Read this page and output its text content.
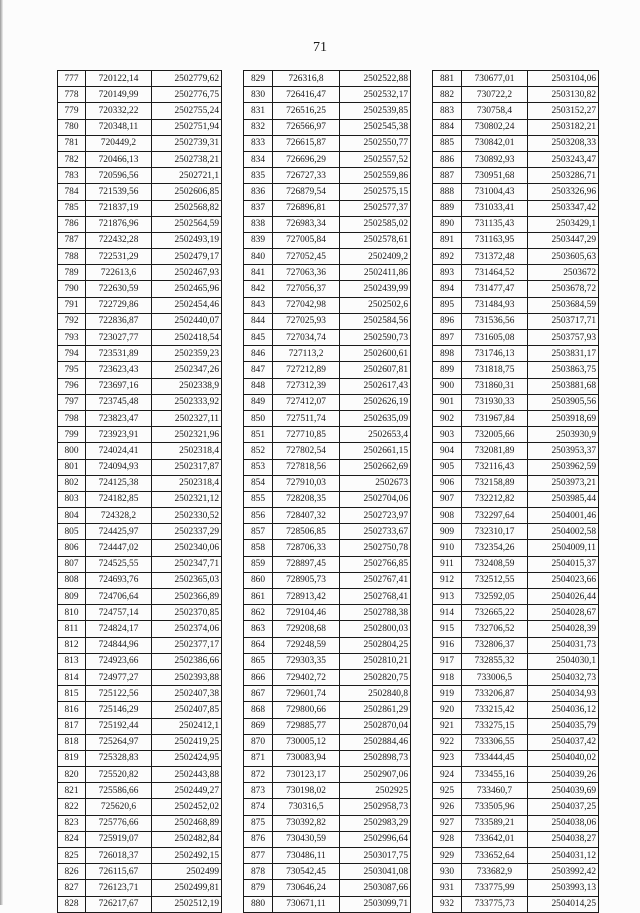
71
777	720122,14	2502779,62
778	720149,99	2502776,75
779	720332,22	2502755,24
780	720348,11	2502751,94
781	720449,2	2502739,31
782	720466,13	2502738,21
783	720596,56	2502721,1
784	721539,56	2502606,85
785	721837,19	2502568,82
786	721876,96	2502564,59
787	722432,28	2502493,19
788	722531,29	2502479,17
789	722613,6	2502467,93
790	722630,59	2502465,96
791	722729,86	2502454,46
792	722836,87	2502440,07
793	723027,77	2502418,54
794	723531,89	2502359,23
795	723623,43	2502347,26
796	723697,16	2502338,9
797	723745,48	2502333,92
798	723823,47	2502327,11
799	723923,91	2502321,96
800	724024,41	2502318,4
801	724094,93	2502317,87
802	724125,38	2502318,4
803	724182,85	2502321,12
804	724328,2	2502330,52
805	724425,97	2502337,29
806	724447,02	2502340,06
807	724525,55	2502347,71
808	724693,76	2502365,03
809	724706,64	2502366,89
810	724757,14	2502370,85
811	724824,17	2502374,06
812	724844,96	2502377,17
813	724923,66	2502386,66
814	724977,27	2502393,88
815	725122,56	2502407,38
816	725146,29	2502407,85
817	725192,44	2502412,1
818	725264,97	2502419,25
819	725328,83	2502424,95
820	725520,82	2502443,88
821	725586,66	2502449,27
822	725620,6	2502452,02
823	725776,66	2502468,89
824	725919,07	2502482,84
825	726018,37	2502492,15
826	726115,67	2502499
827	726123,71	2502499,81
828	726217,67	2502512,19
829	726316,8	2502522,88
830	726416,47	2502532,17
831	726516,25	2502539,85
832	726566,97	2502545,38
833	726615,87	2502550,77
834	726696,29	2502557,52
835	726727,33	2502559,86
836	726879,54	2502575,15
837	726896,81	2502577,37
838	726983,34	2502585,02
839	727005,84	2502578,61
840	727052,45	2502409,2
841	727063,36	2502411,86
842	727056,37	2502439,99
843	727042,98	2502502,6
844	727025,93	2502584,56
845	727034,74	2502590,73
846	727113,2	2502600,61
847	727212,89	2502607,81
848	727312,39	2502617,43
849	727412,07	2502626,19
850	727511,74	2502635,09
851	727710,85	2502653,4
852	727802,54	2502661,15
853	727818,56	2502662,69
854	727910,03	2502673
855	728208,35	2502704,06
856	728407,32	2502723,97
857	728506,85	2502733,67
858	728706,33	2502750,78
859	728897,45	2502766,85
860	728905,73	2502767,41
861	728913,42	2502768,41
862	729104,46	2502788,38
863	729208,68	2502800,03
864	729248,59	2502804,25
865	729303,35	2502810,21
866	729402,72	2502820,75
867	729601,74	2502840,8
868	729800,66	2502861,29
869	729885,77	2502870,04
870	730005,12	2502884,46
871	730083,94	2502898,73
872	730123,17	2502907,06
873	730198,02	2502925
874	730316,5	2502958,73
875	730392,82	2502983,29
876	730430,59	2502996,64
877	730486,11	2503017,75
878	730542,45	2503041,08
879	730646,24	2503087,66
880	730671,11	2503099,71
881	730677,01	2503104,06
882	730722,2	2503130,82
883	730758,4	2503152,27
884	730802,24	2503182,21
885	730842,01	2503208,33
886	730892,93	2503243,47
887	730951,68	2503286,71
888	731004,43	2503326,96
889	731033,41	2503347,42
890	731135,43	2503429,1
891	731163,95	2503447,29
892	731372,48	2503605,63
893	731464,52	2503672
894	731477,47	2503678,72
895	731484,93	2503684,59
896	731536,56	2503717,71
897	731605,08	2503757,93
898	731746,13	2503831,17
899	731818,75	2503863,75
900	731860,31	2503881,68
901	731930,33	2503905,56
902	731967,84	2503918,69
903	732005,66	2503930,9
904	732081,89	2503953,37
905	732116,43	2503962,59
906	732158,89	2503973,21
907	732212,82	2503985,44
908	732297,64	2504001,46
909	732310,17	2504002,58
910	732354,26	2504009,11
911	732408,59	2504015,37
912	732512,55	2504023,66
913	732592,05	2504026,44
914	732665,22	2504028,67
915	732706,52	2504028,39
916	732806,37	2504031,73
917	732855,32	2504030,1
918	733006,5	2504032,73
919	733206,87	2504034,93
920	733215,42	2504036,12
921	733275,15	2504035,79
922	733306,55	2504037,42
923	733444,45	2504040,02
924	733455,16	2504039,26
925	733460,7	2504039,69
926	733505,96	2504037,25
927	733589,21	2504038,06
928	733642,01	2504038,27
929	733652,64	2504031,12
930	733682,9	2503992,42
931	733775,99	2503993,13
932	733775,73	2504014,25
